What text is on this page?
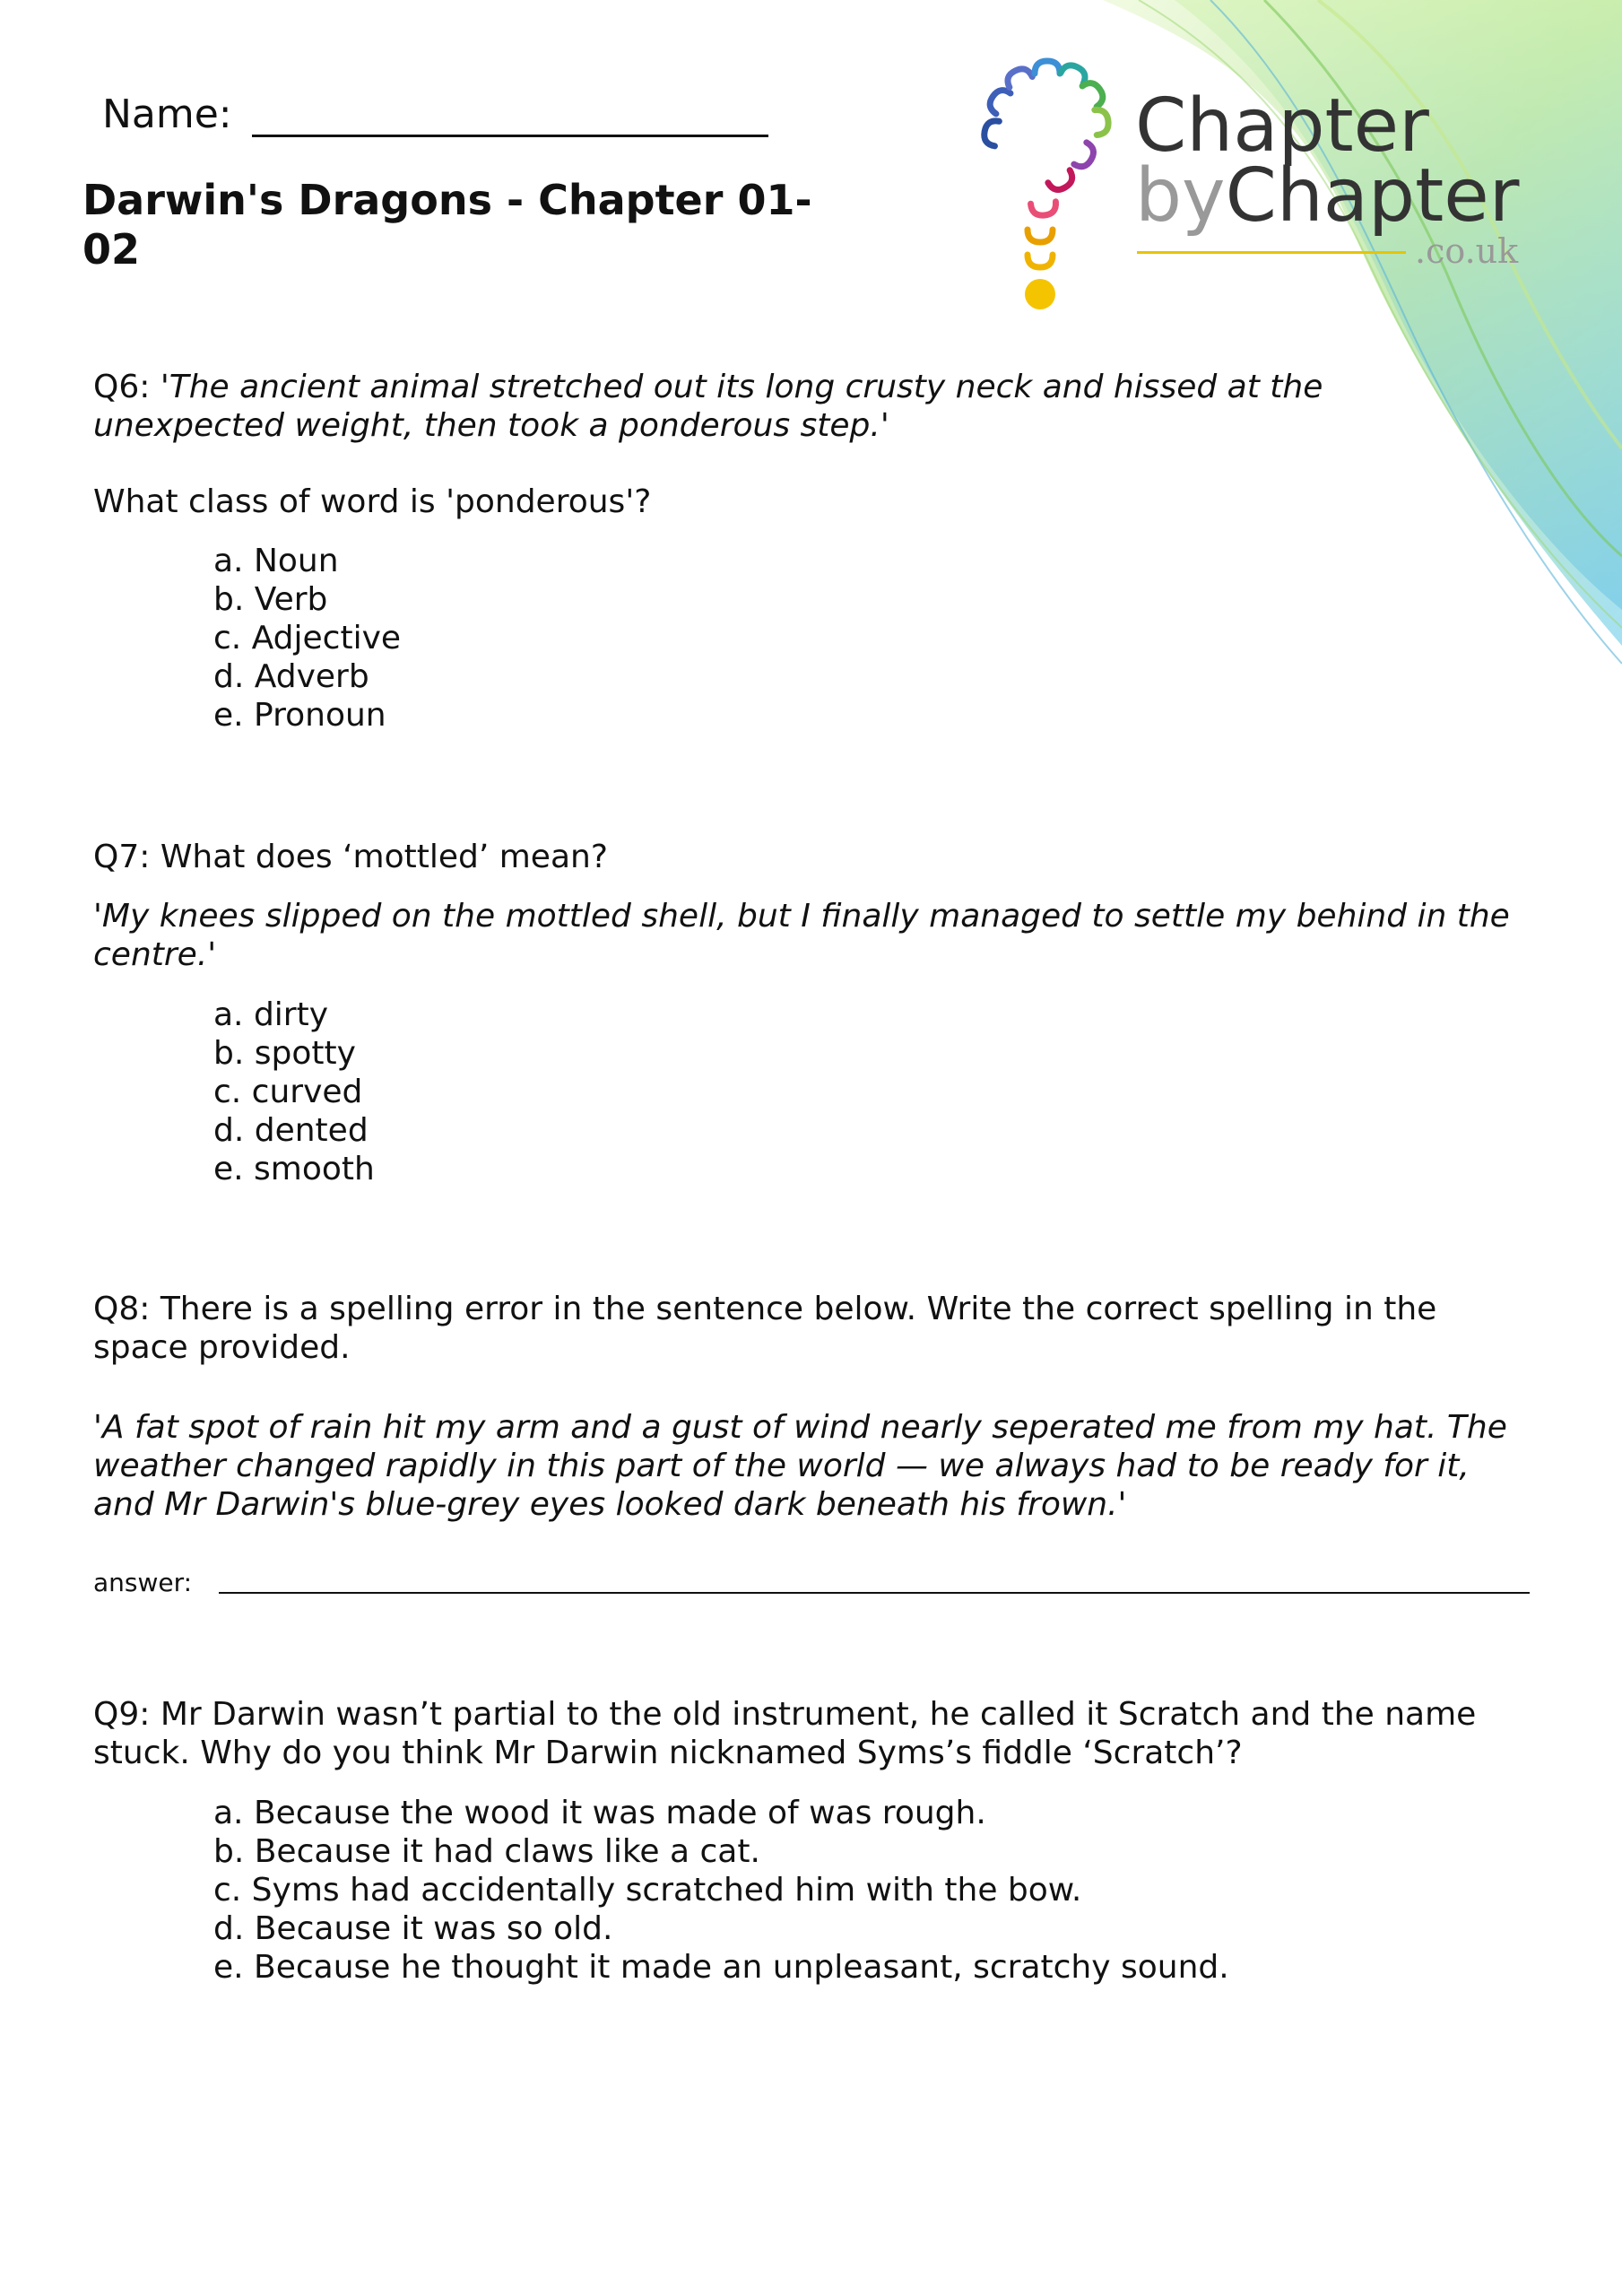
Chapter
byChapter
.co.uk
Name:
Darwin's Dragons - Chapter 01-02
Q6: 'The ancient animal stretched out its long crusty neck and hissed at the
unexpected weight, then took a ponderous step.'
What class of word is 'ponderous'?
a. Noun
b. Verb
c. Adjective
d. Adverb
e. Pronoun
Q7: What does ‘mottled’ mean?
'My knees slipped on the mottled shell, but I finally managed to settle my behind in the
centre.'
a. dirty
b. spotty
c. curved
d. dented
e. smooth
Q8: There is a spelling error in the sentence below. Write the correct spelling in the
space provided.
'A fat spot of rain hit my arm and a gust of wind nearly seperated me from my hat. The
weather changed rapidly in this part of the world — we always had to be ready for it,
and Mr Darwin's blue-grey eyes looked dark beneath his frown.'
answer:
Q9: Mr Darwin wasn’t partial to the old instrument, he called it Scratch and the name
stuck. Why do you think Mr Darwin nicknamed Syms’s fiddle ‘Scratch’?
a. Because the wood it was made of was rough.
b. Because it had claws like a cat.
c. Syms had accidentally scratched him with the bow.
d. Because it was so old.
e. Because he thought it made an unpleasant, scratchy sound.
